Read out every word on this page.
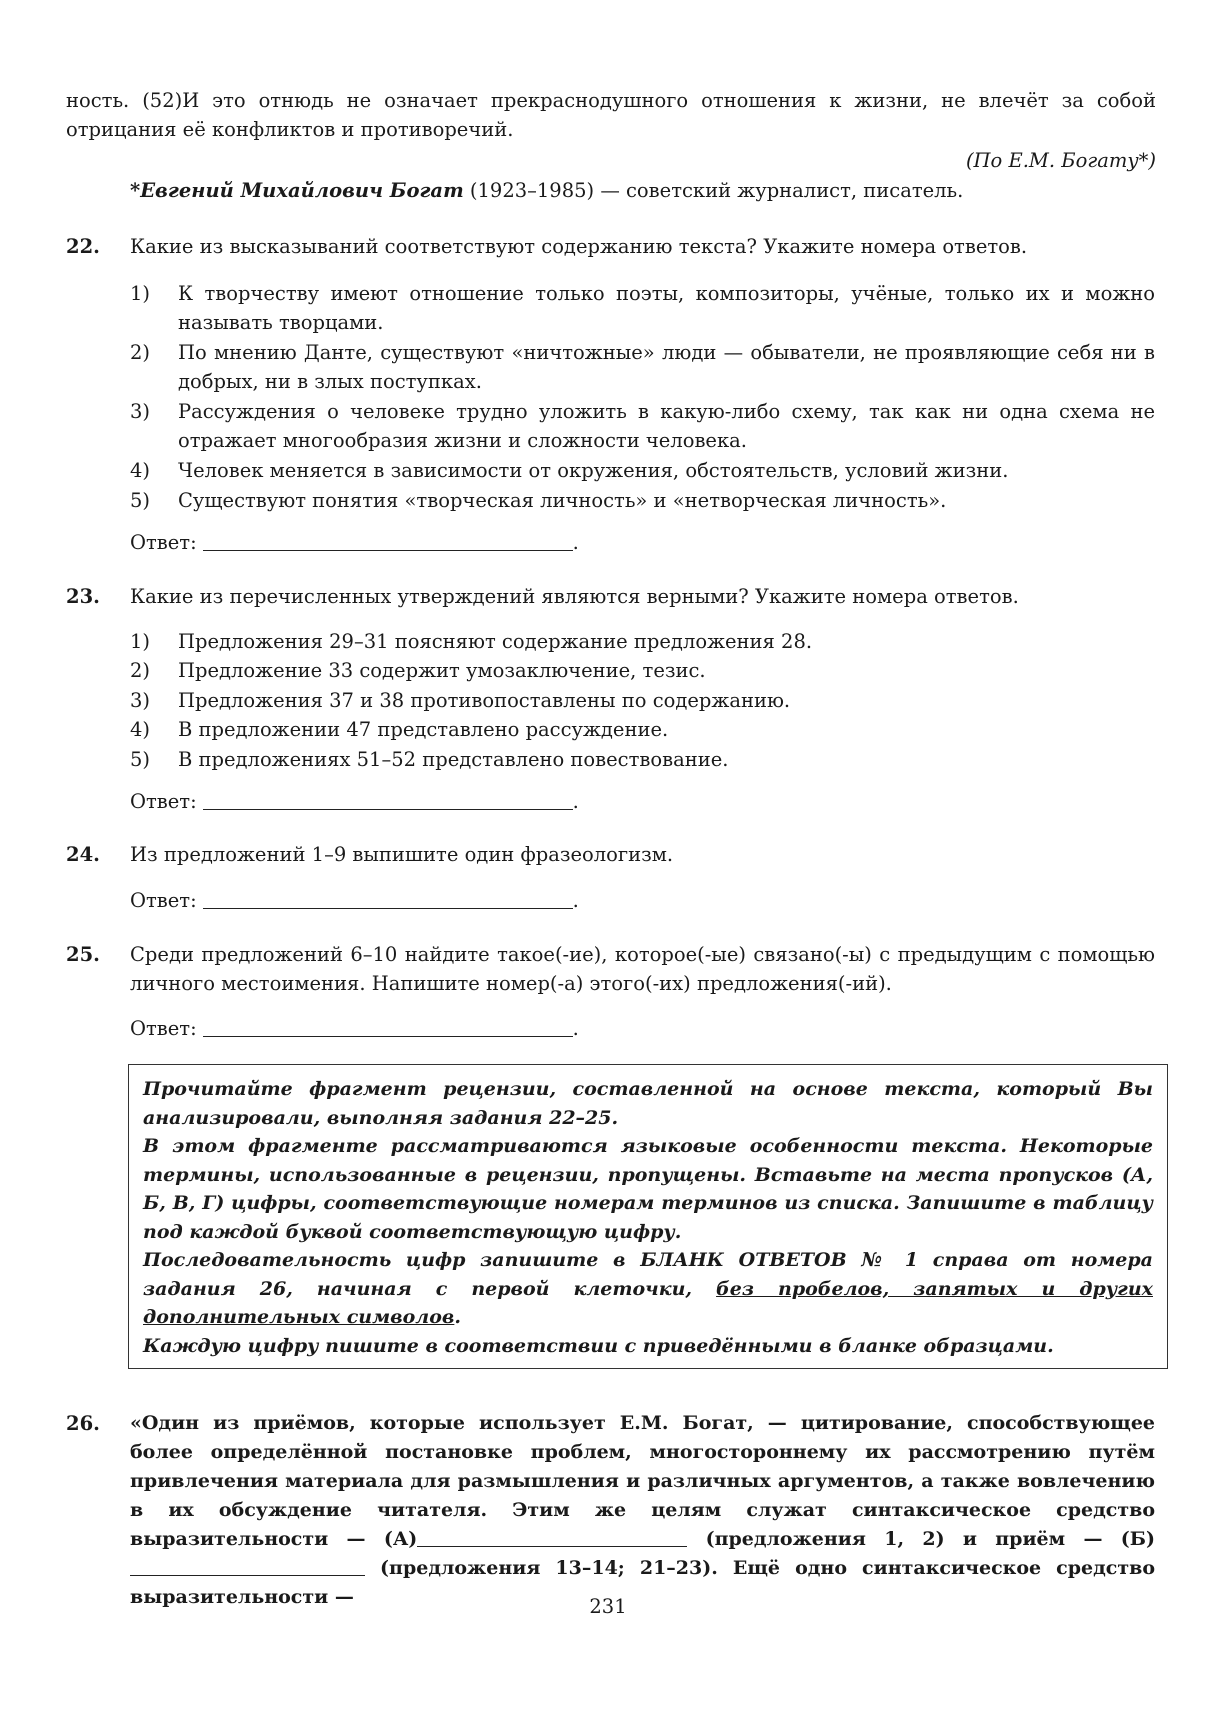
ность. (52)И это отнюдь не означает прекраснодушного отношения к жизни, не влечёт за собой отрицания её конфликтов и противоречий.
(По Е.М. Богату*)
*Евгений Михайлович Богат (1923–1985) — советский журналист, писатель.
22. Какие из высказываний соответствуют содержанию текста? Укажите номера ответов.
1) К творчеству имеют отношение только поэты, композиторы, учёные, только их и можно называть творцами.
2) По мнению Данте, существуют «ничтожные» люди — обыватели, не проявляющие себя ни в добрых, ни в злых поступках.
3) Рассуждения о человеке трудно уложить в какую-либо схему, так как ни одна схема не отражает многообразия жизни и сложности человека.
4) Человек меняется в зависимости от окружения, обстоятельств, условий жизни.
5) Существуют понятия «творческая личность» и «нетворческая личность».
Ответ:	.
23. Какие из перечисленных утверждений являются верными? Укажите номера ответов.
1) Предложения 29–31 поясняют содержание предложения 28.
2) Предложение 33 содержит умозаключение, тезис.
3) Предложения 37 и 38 противопоставлены по содержанию.
4) В предложении 47 представлено рассуждение.
5) В предложениях 51–52 представлено повествование.
Ответ:	.
24. Из предложений 1–9 выпишите один фразеологизм.
Ответ:	.
25. Среди предложений 6–10 найдите такое(-ие), которое(-ые) связано(-ы) с предыдущим с помощью личного местоимения. Напишите номер(-а) этого(-их) предложения(-ий).
Ответ:	.

Прочитайте фрагмент рецензии, составленной на основе текста, который Вы анализировали, выполняя задания 22–25.

В этом фрагменте рассматриваются языковые особенности текста. Некоторые термины, использованные в рецензии, пропущены. Вставьте на места пропусков (А, Б, В, Г) цифры, соответствующие номерам терминов из списка. Запишите в таблицу под каждой буквой соответствующую цифру.

Последовательность цифр запишите в БЛАНК ОТВЕТОВ № 1 справа от номера задания 26, начиная с первой клеточки, без пробелов, запятых и других дополнительных символов.

Каждую цифру пишите в соответствии с приведёнными в бланке образцами.

26. «Один из приёмов, которые использует Е.М. Богат, — цитирование, способствующее более определённой постановке проблем, многостороннему их рассмотрению путём привлечения материала для размышления и различных аргументов, а также вовлечению в их обсуждение читателя. Этим же целям служат синтаксическое средство выразительности — (А)	(предложения 1, 2) и приём — (Б)  (предложения 13–14; 21–23). Ещё одно синтаксическое средство выразительности —	231
